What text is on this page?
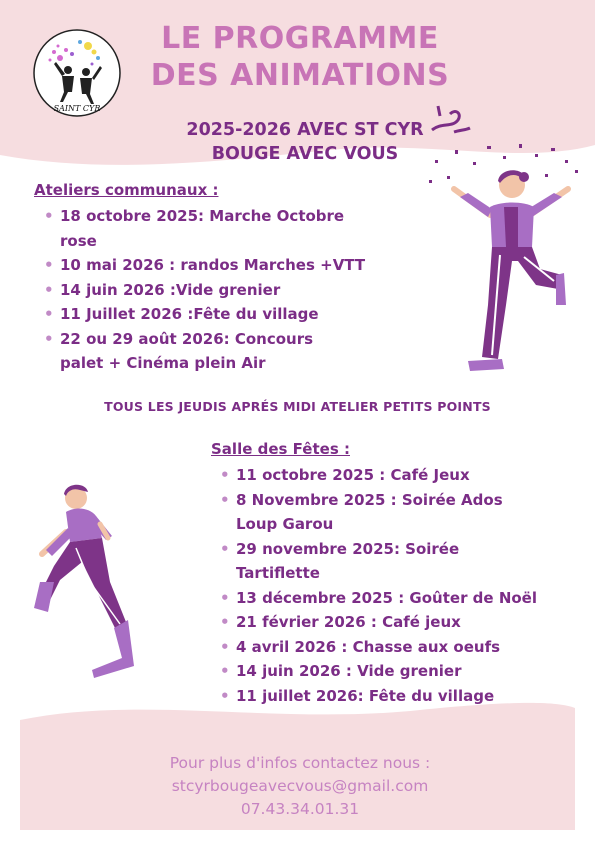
SAINT CYR
LE PROGRAMME
DES ANIMATIONS
2025-2026 AVEC ST CYR
BOUGE AVEC VOUS
Ateliers communaux :
• 18 octobre 2025: Marche Octobre rose
• 10 mai 2026 : randos Marches +VTT
• 14 juin 2026 :Vide grenier
• 11 Juillet 2026 :Fête du village
• 22 ou 29 août 2026: Concours palet + Cinéma plein Air
TOUS LES JEUDIS APRÉS MIDI ATELIER PETITS POINTS
Salle des Fêtes :
• 11 octobre 2025 : Café Jeux
• 8 Novembre 2025 : Soirée Ados Loup Garou
• 29 novembre 2025: Soirée Tartiflette
• 13 décembre 2025 : Goûter de Noël
• 21 février 2026 : Café jeux
• 4 avril 2026 : Chasse aux oeufs
• 14 juin 2026 : Vide grenier
• 11 juillet 2026: Fête du village
Pour plus d'infos contactez nous :
stcyrbougeavecvous@gmail.com
07.43.34.01.31
